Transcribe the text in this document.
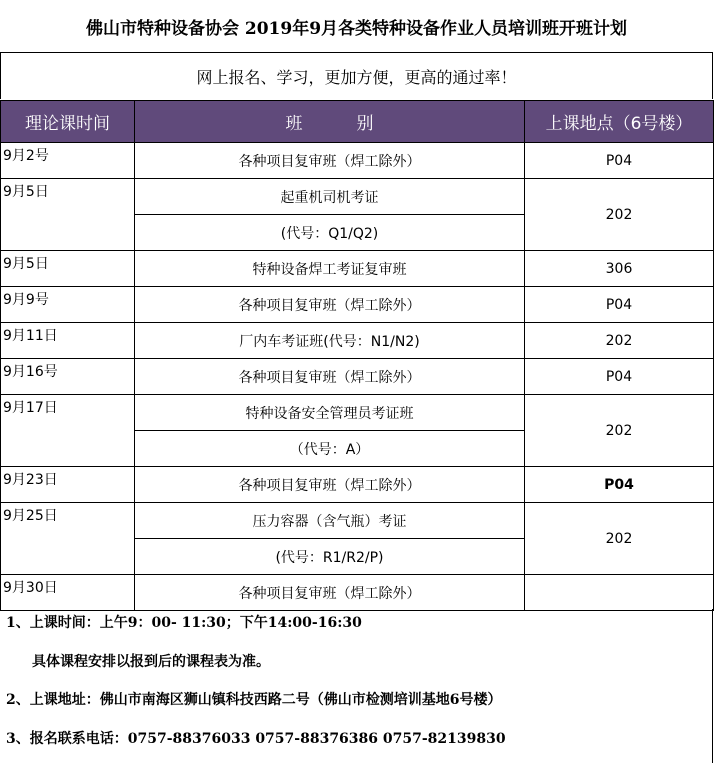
佛山市特种设备协会 2019年9月各类特种设备作业人员培训班开班计划
网上报名、学习，更加方便，更高的通过率！
理论课时间	班          别	上课地点（6号楼）
9月2号	各种项目复审班（焊工除外）	P04
9月5日	起重机司机考证	202
	(代号：Q1/Q2)	
9月5日	特种设备焊工考证复审班	306
9月9号	各种项目复审班（焊工除外）	P04
9月11日	厂内车考证班(代号：N1/N2)	202
9月16号	各种项目复审班（焊工除外）	P04
9月17日	特种设备安全管理员考证班	202
	（代号：A）	
9月23日	各种项目复审班（焊工除外）	P04
9月25日	压力容器（含气瓶）考证	202
	(代号：R1/R2/P)	
9月30日	各种项目复审班（焊工除外）	
1、上课时间：上午9：00- 11:30；下午14:00-16:30
具体课程安排以报到后的课程表为准。
2、上课地址：佛山市南海区狮山镇科技西路二号（佛山市检测培训基地6号楼）
3、报名联系电话：0757-88376033 0757-88376386 0757-82139830
